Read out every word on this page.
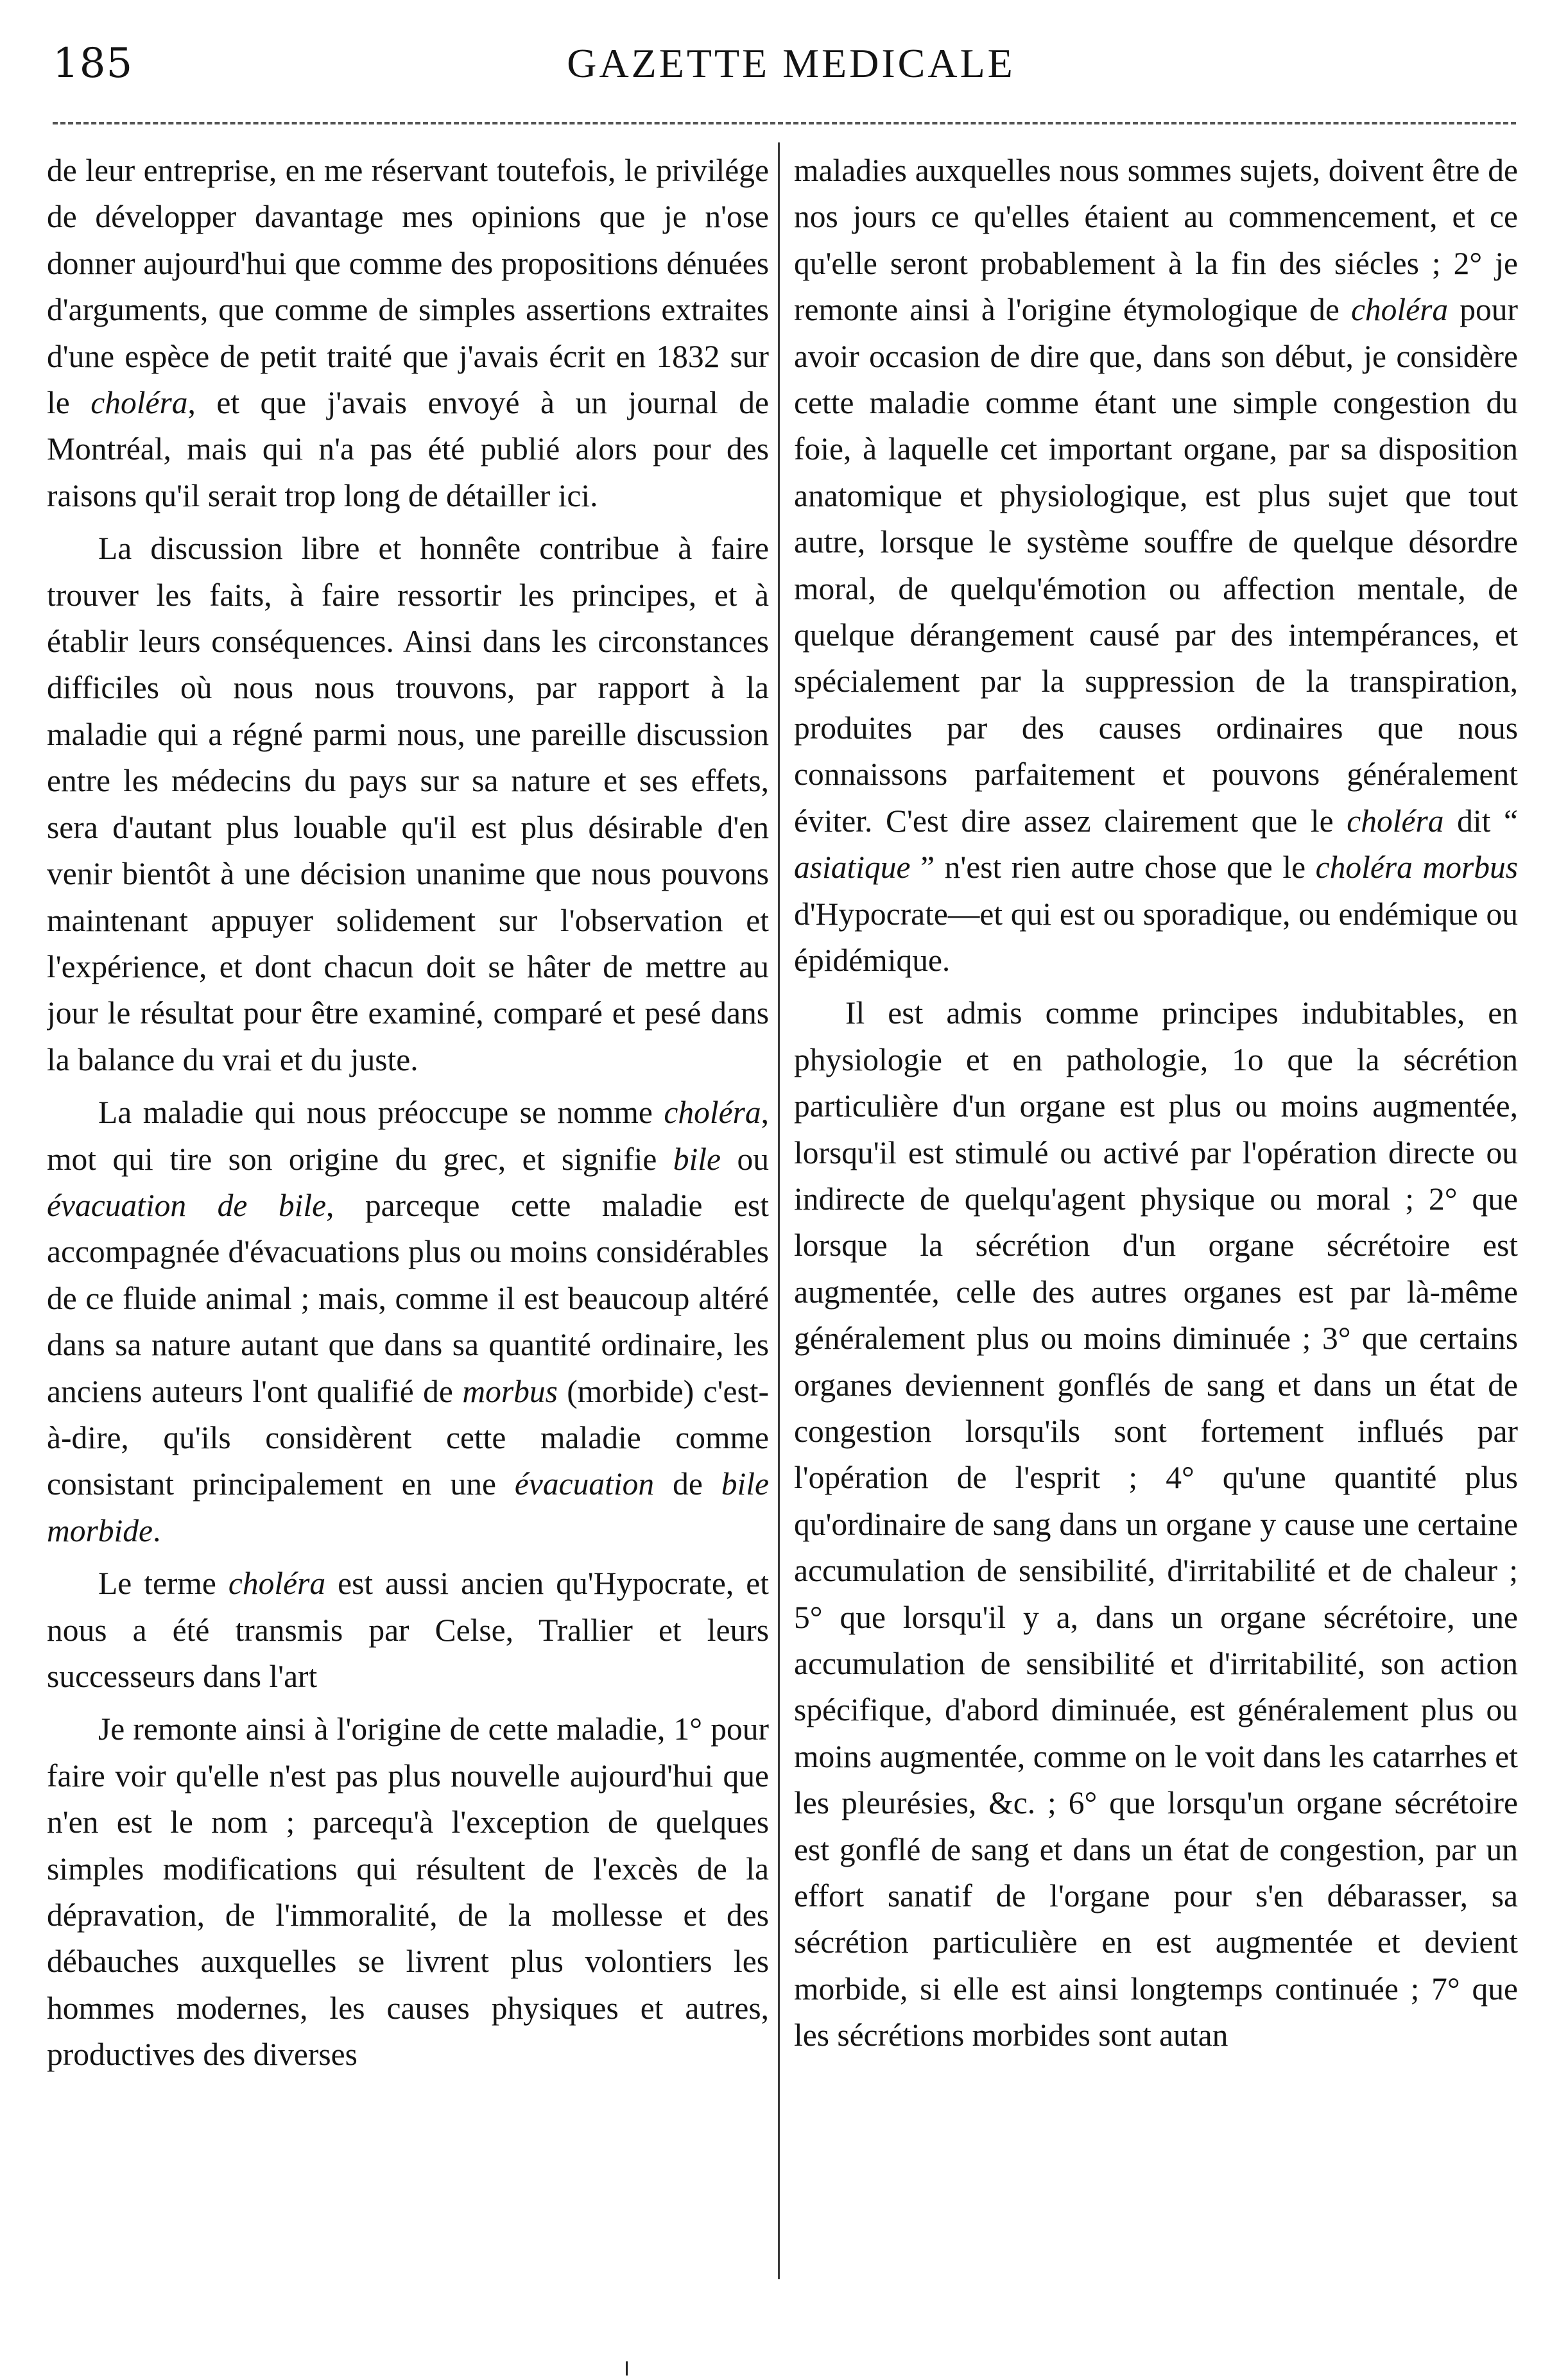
185	GAZETTE MEDICALE

de leur entreprise, en me réservant toutefois, le privilége de développer davantage mes opinions que je n'ose donner aujourd'hui que comme des propositions dénuées d'arguments, que comme de simples assertions extraites d'une espèce de petit traité que j'avais écrit en 1832 sur le choléra, et que j'avais envoyé à un journal de Montréal, mais qui n'a pas été publié alors pour des raisons qu'il serait trop long de détailler ici.

La discussion libre et honnête contribue à faire trouver les faits, à faire ressortir les principes, et à établir leurs conséquences. Ainsi dans les circonstances difficiles où nous nous trouvons, par rapport à la maladie qui a régné parmi nous, une pareille discussion entre les médecins du pays sur sa nature et ses effets, sera d'autant plus louable qu'il est plus désirable d'en venir bientôt à une décision unanime que nous pouvons maintenant appuyer solidement sur l'observation et l'expérience, et dont chacun doit se hâter de mettre au jour le résultat pour être examiné, comparé et pesé dans la balance du vrai et du juste.

La maladie qui nous préoccupe se nomme choléra, mot qui tire son origine du grec, et signifie bile ou évacuation de bile, parceque cette maladie est accompagnée d'évacuations plus ou moins considérables de ce fluide animal ; mais, comme il est beaucoup altéré dans sa nature autant que dans sa quantité ordinaire, les anciens auteurs l'ont qualifié de morbus (morbide) c'est-à-dire, qu'ils considèrent cette maladie comme consistant principalement en une évacuation de bile morbide.

Le terme choléra est aussi ancien qu'Hypocrate, et nous a été transmis par Celse, Trallier et leurs successeurs dans l'art

Je remonte ainsi à l'origine de cette maladie, 1° pour faire voir qu'elle n'est pas plus nouvelle aujourd'hui que n'en est le nom ; parcequ'à l'exception de quelques simples modifications qui résultent de l'excès de la dépravation, de l'immoralité, de la mollesse et des débauches auxquelles se livrent plus volontiers les hommes modernes, les causes physiques et autres, productives des diverses

maladies auxquelles nous sommes sujets, doivent être de nos jours ce qu'elles étaient au commencement, et ce qu'elle seront probablement à la fin des siécles ; 2° je remonte ainsi à l'origine étymologique de choléra pour avoir occasion de dire que, dans son début, je considère cette maladie comme étant une simple congestion du foie, à laquelle cet important organe, par sa disposition anatomique et physiologique, est plus sujet que tout autre, lorsque le système souffre de quelque désordre moral, de quelqu'émotion ou affection mentale, de quelque dérangement causé par des intempérances, et spécialement par la suppression de la transpiration, produites par des causes ordinaires que nous connaissons parfaitement et pouvons généralement éviter. C'est dire assez clairement que le choléra dit “ asiatique ” n'est rien autre chose que le choléra morbus d'Hypocrate—et qui est ou sporadique, ou endémique ou épidémique.

Il est admis comme principes indubitables, en physiologie et en pathologie, 1o que la sécrétion particulière d'un organe est plus ou moins augmentée, lorsqu'il est stimulé ou activé par l'opération directe ou indirecte de quelqu'agent physique ou moral ; 2° que lorsque la sécrétion d'un organe sécrétoire est augmentée, celle des autres organes est par là-même généralement plus ou moins diminuée ; 3° que certains organes deviennent gonflés de sang et dans un état de congestion lorsqu'ils sont fortement influés par l'opération de l'esprit ; 4° qu'une quantité plus qu'ordinaire de sang dans un organe y cause une certaine accumulation de sensibilité, d'irritabilité et de chaleur ; 5° que lorsqu'il y a, dans un organe sécrétoire, une accumulation de sensibilité et d'irritabilité, son action spécifique, d'abord diminuée, est généralement plus ou moins augmentée, comme on le voit dans les catarrhes et les pleurésies, &c. ; 6° que lorsqu'un organe sécrétoire est gonflé de sang et dans un état de congestion, par un effort sanatif de l'organe pour s'en débarasser, sa sécrétion particulière en est augmentée et devient morbide, si elle est ainsi longtemps continuée ; 7° que les sécrétions morbides sont autan
